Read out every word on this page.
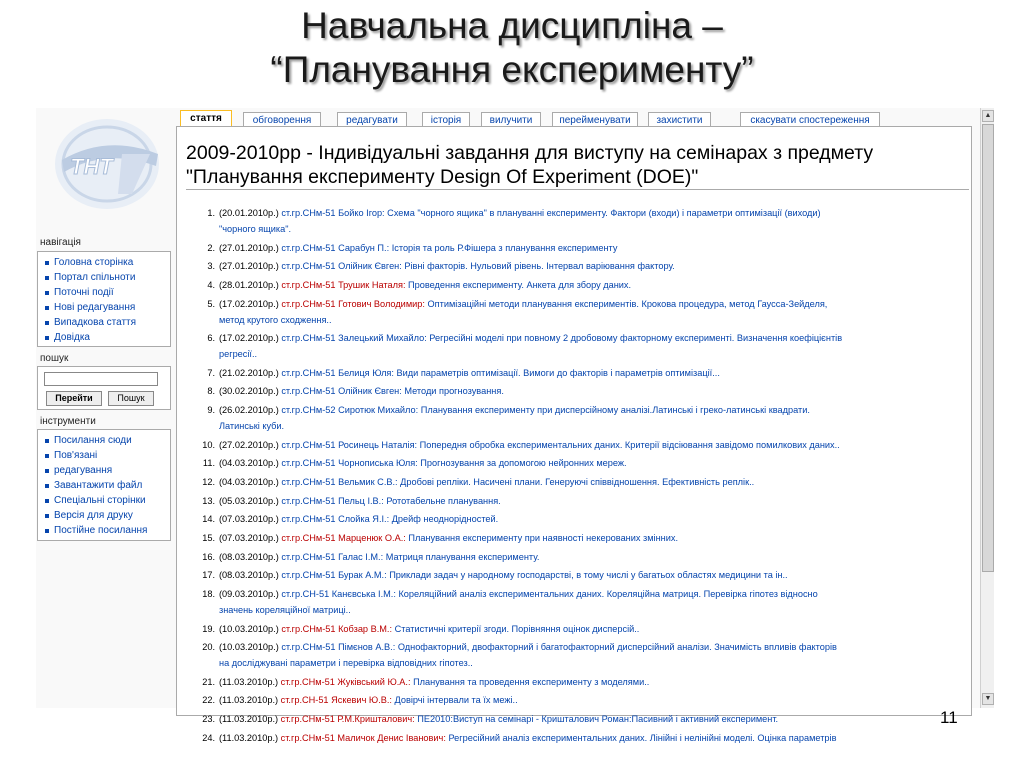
Навчальна дисципліна –
“Планування експерименту”
ТНТ
навігація
Головна сторінка
Портал спільноти
Поточні події
Нові редагування
Випадкова стаття
Довідка
пошук
Перейти	Пошук
інструменти
Посилання сюди
Пов'язані
редагування
Завантажити файл
Спеціальні сторінки
Версія для друку
Постійне посилання
стаття	обговорення	редагувати	історія	вилучити	перейменувати	захистити	скасувати спостереження
2009-2010рр - Індивідуальні завдання для виступу на семінарах з предмету
"Планування експерименту Design Of Experiment (DOE)"
1. (20.01.2010р.) ст.гр.СНм-51 Бойко Ігор: Схема "чорного ящика" в плануванні експерименту. Фактори (входи) і параметри оптимізації (виходи)
"чорного ящика".
2. (27.01.2010р.) ст.гр.СНм-51 Сарабун П.: Історія та роль Р.Фішера з планування експерименту
3. (27.01.2010р.) ст.гр.СНм-51 Олійник Євген: Рівні факторів. Нульовий рівень. Інтервал варіювання фактору.
4. (28.01.2010р.) ст.гр.СНм-51 Трушик Наталя: Проведення експерименту. Анкета для збору даних.
5. (17.02.2010р.) ст.гр.СНм-51 Готович Володимир: Оптимізаційні методи планування експериментів. Крокова процедура, метод Гаусса-Зейделя,
метод крутого сходження..
6. (17.02.2010р.) ст.гр.СНм-51 Залецький Михайло: Регресійні моделі при повному 2 дробовому факторному експерименті. Визначення коефіцієнтів
регресії..
7. (21.02.2010р.) ст.гр.СНм-51 Белиця Юля: Види параметрів оптимізації. Вимоги до факторів і параметрів оптимізації...
8. (30.02.2010р.) ст.гр.СНм-51 Олійник Євген: Методи прогнозування.
9. (26.02.2010р.) ст.гр.СНм-52 Сиротюк Михайло: Планування експерименту при дисперсійному аналізі.Латинські і греко-латинські квадрати.
Латинські куби.
10. (27.02.2010р.) ст.гр.СНм-51 Росинець Наталія: Попередня обробка експериментальних даних. Критерії відсіювання завідомо помилкових даних..
11. (04.03.2010р.) ст.гр.СНм-51 Чорнописька Юля: Прогнозування за допомогою нейронних мереж.
12. (04.03.2010р.) ст.гр.СНм-51 Вельмик С.В.: Дробові репліки. Насичені плани. Генеруючі співвідношення. Ефективність реплік..
13. (05.03.2010р.) ст.гр.СНм-51 Пельц І.В.: Рототабельне планування.
14. (07.03.2010р.) ст.гр.СНм-51 Слойка Я.І.: Дрейф неоднорідностей.
15. (07.03.2010р.) ст.гр.СНм-51 Марценюк О.А.: Планування експерименту при наявності некерованих змінних.
16. (08.03.2010р.) ст.гр.СНм-51 Галас І.М.: Матриця планування експерименту.
17. (08.03.2010р.) ст.гр.СНм-51 Бурак А.М.: Приклади задач у народному господарстві, в тому числі у багатьох областях медицини та ін..
18. (09.03.2010р.) ст.гр.СН-51 Канєвська І.М.: Кореляційний аналіз експериментальних даних. Кореляційна матриця. Перевірка гіпотез відносно
значень кореляційної матриці..
19. (10.03.2010р.) ст.гр.СНм-51 Кобзар В.М.: Статистичні критерії згоди. Порівняння оцінок дисперсій..
20. (10.03.2010р.) ст.гр.СНм-51 Пімєнов А.В.: Однофакторний, двофакторний і багатофакторний дисперсійний аналізи. Значимість впливів факторів
на досліджувані параметри і перевірка відповідних гіпотез..
21. (11.03.2010р.) ст.гр.СНм-51 Жуківський Ю.А.: Планування та проведення експерименту з моделями..
22. (11.03.2010р.) ст.гр.СН-51 Яскевич Ю.В.: Довірчі інтервали та їх межі..
23. (11.03.2010р.) ст.гр.СНм-51 Р.М.Кришталович: ПЕ2010:Виступ на семінарі - Кришталович Роман:Пасивний і активний експеримент.
24. (11.03.2010р.) ст.гр.СНм-51 Маличок Денис Іванович: Регресійний аналіз експериментальних даних. Лінійні і нелінійні моделі. Оцінка параметрів
▲
▼
11
